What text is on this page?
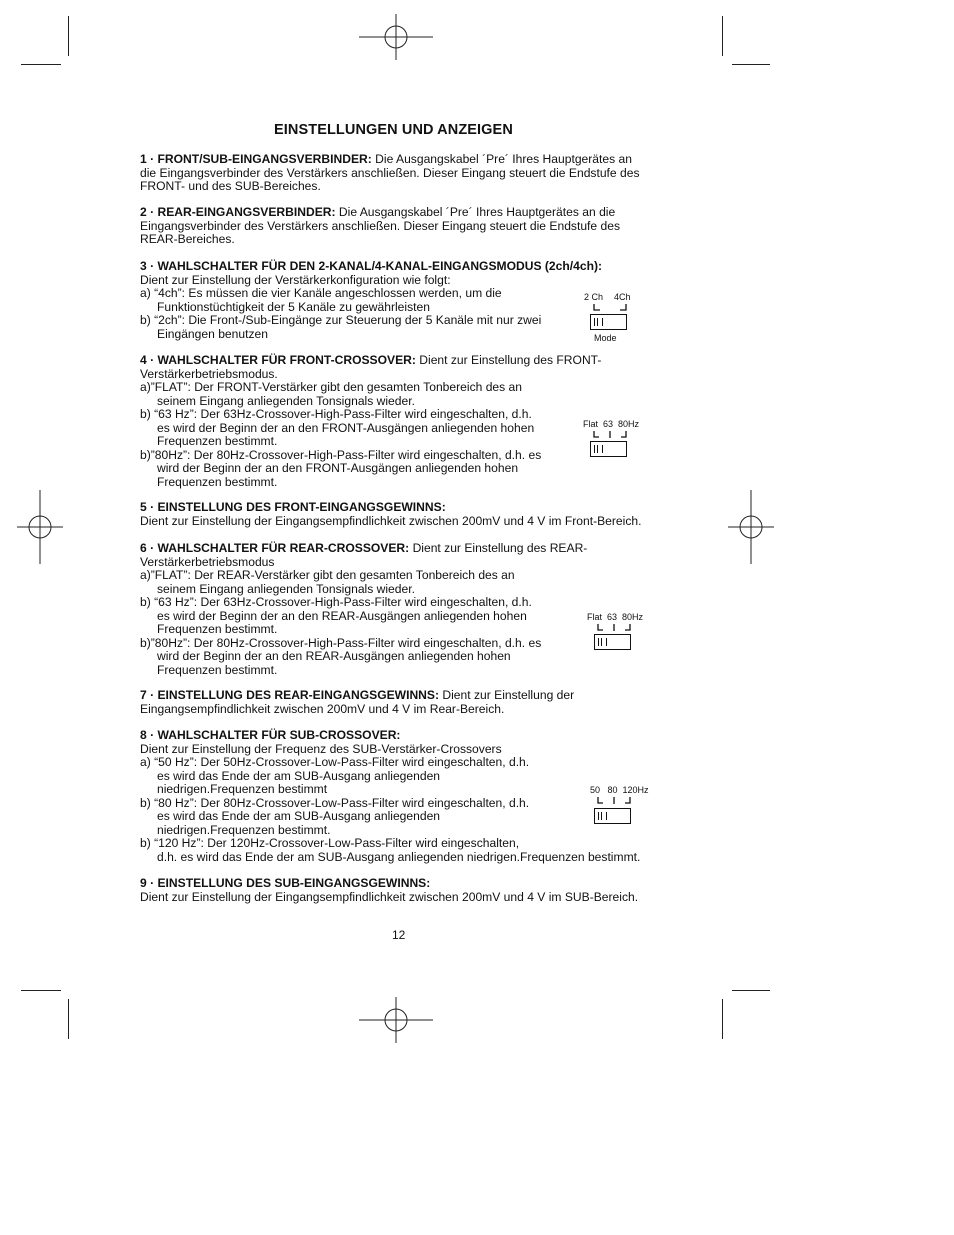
EINSTELLUNGEN UND ANZEIGEN
1 · FRONT/SUB-EINGANGSVERBINDER: Die Ausgangskabel ´Pre´ Ihres Hauptgerätes an
die Eingangsverbinder des Verstärkers anschließen. Dieser Eingang steuert die Endstufe des
FRONT- und des SUB-Bereiches.
2 · REAR-EINGANGSVERBINDER: Die Ausgangskabel ´Pre´ Ihres Hauptgerätes an die
Eingangsverbinder des Verstärkers anschließen. Dieser Eingang steuert die Endstufe des
REAR-Bereiches.
3 · WAHLSCHALTER FÜR DEN 2-KANAL/4-KANAL-EINGANGSMODUS (2ch/4ch):
Dient zur Einstellung der Verstärkerkonfiguration wie folgt:
a) “4ch”: Es müssen die vier Kanäle angeschlossen werden, um die
Funktionstüchtigkeit der 5 Kanäle zu gewährleisten
b) “2ch”: Die Front-/Sub-Eingänge zur Steuerung der 5 Kanäle mit nur zwei
Eingängen benutzen
4 · WAHLSCHALTER FÜR FRONT-CROSSOVER: Dient zur Einstellung des FRONT-
Verstärkerbetriebsmodus.
a)”FLAT”: Der FRONT-Verstärker gibt den gesamten Tonbereich des an
seinem Eingang anliegenden Tonsignals wieder.
b) “63 Hz”: Der 63Hz-Crossover-High-Pass-Filter wird eingeschalten, d.h.
es wird der Beginn der an den FRONT-Ausgängen anliegenden hohen
Frequenzen bestimmt.
b)”80Hz”: Der 80Hz-Crossover-High-Pass-Filter wird eingeschalten, d.h. es
wird der Beginn der an den FRONT-Ausgängen anliegenden hohen
Frequenzen bestimmt.
5 · EINSTELLUNG DES FRONT-EINGANGSGEWINNS:
Dient zur Einstellung der Eingangsempfindlichkeit zwischen 200mV und 4 V im Front-Bereich.
6 · WAHLSCHALTER FÜR REAR-CROSSOVER: Dient zur Einstellung des REAR-
Verstärkerbetriebsmodus
a)”FLAT”: Der REAR-Verstärker gibt den gesamten Tonbereich des an
seinem Eingang anliegenden Tonsignals wieder.
b) “63 Hz”: Der 63Hz-Crossover-High-Pass-Filter wird eingeschalten, d.h.
es wird der Beginn der an den REAR-Ausgängen anliegenden hohen
Frequenzen bestimmt.
b)”80Hz”: Der 80Hz-Crossover-High-Pass-Filter wird eingeschalten, d.h. es
wird der Beginn der an den REAR-Ausgängen anliegenden hohen
Frequenzen bestimmt.
7 · EINSTELLUNG DES REAR-EINGANGSGEWINNS: Dient zur Einstellung der
Eingangsempfindlichkeit zwischen 200mV und 4 V im Rear-Bereich.
8 · WAHLSCHALTER FÜR SUB-CROSSOVER:
Dient zur Einstellung der Frequenz des SUB-Verstärker-Crossovers
a) “50 Hz”: Der 50Hz-Crossover-Low-Pass-Filter wird eingeschalten, d.h.
es wird das Ende der am SUB-Ausgang anliegenden
niedrigen.Frequenzen bestimmt
b) “80 Hz”: Der 80Hz-Crossover-Low-Pass-Filter wird eingeschalten, d.h.
es wird das Ende der am SUB-Ausgang anliegenden
niedrigen.Frequenzen bestimmt.
b) “120 Hz”: Der 120Hz-Crossover-Low-Pass-Filter wird eingeschalten,
d.h. es wird das Ende der am SUB-Ausgang anliegenden niedrigen.Frequenzen bestimmt.
9 · EINSTELLUNG DES SUB-EINGANGSGEWINNS:
Dient zur Einstellung der Eingangsempfindlichkeit zwischen 200mV und 4 V im SUB-Bereich.
2 Ch 4Ch
Mode
Flat  63  80Hz
Flat  63  80Hz
50   80  120Hz
12
